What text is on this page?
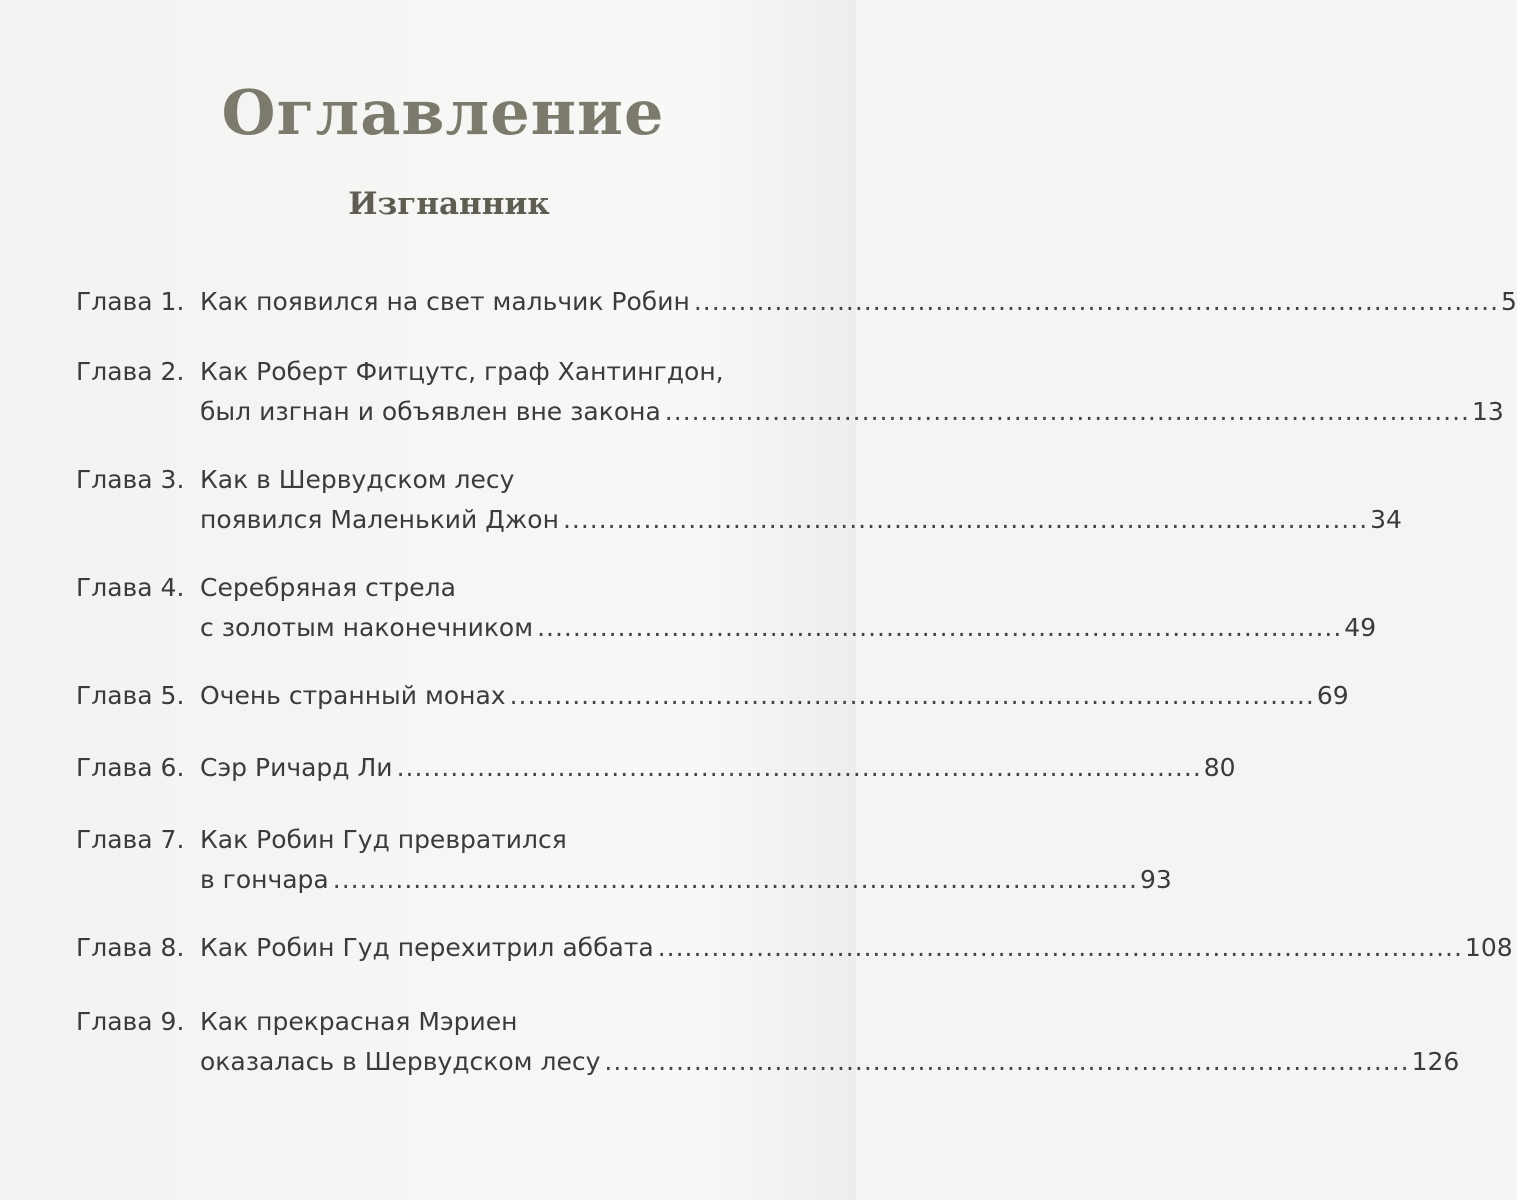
Оглавление
Изгнанник
Глава 1. Как появился на свет мальчик Робин .......................................................................................... 5
Глава 2. Как Роберт Фитцутс, граф Хантингдон,
был изгнан и объявлен вне закона .......................................................................................... 13
Глава 3. Как в Шервудском лесу
появился Маленький Джон .......................................................................................... 34
Глава 4. Серебряная стрела
с золотым наконечником .......................................................................................... 49
Глава 5. Очень странный монах .......................................................................................... 69
Глава 6. Сэр Ричард Ли .......................................................................................... 80
Глава 7. Как Робин Гуд превратился
в гончара .......................................................................................... 93
Глава 8. Как Робин Гуд перехитрил аббата .......................................................................................... 108
Глава 9. Как прекрасная Мэриен
оказалась в Шервудском лесу .......................................................................................... 126
